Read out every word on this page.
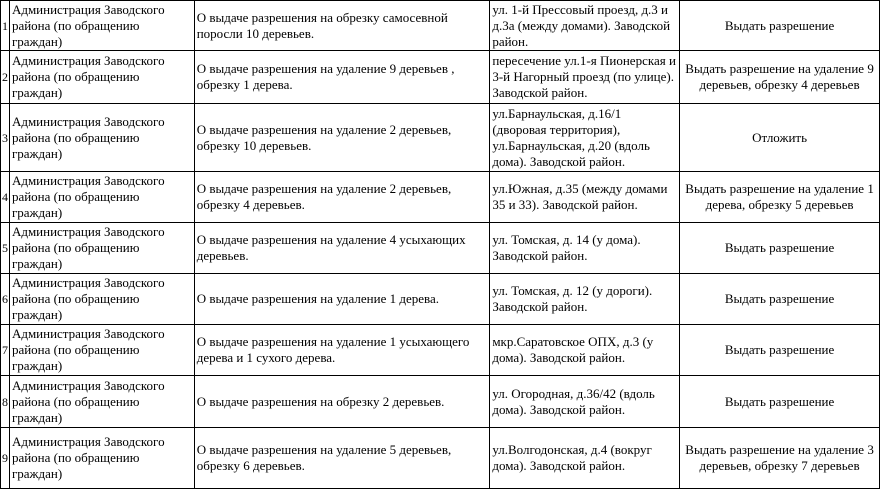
1	Администрация Заводского района (по обращению граждан)	О выдаче разрешения на обрезку самосевной поросли 10 деревьев.	ул. 1-й Прессовый проезд, д.3 и д.3а (между домами). Заводской район.	Выдать разрешение

2	Администрация Заводского района (по обращению граждан)	О выдаче разрешения на удаление 9 деревьев , обрезку 1 дерева.	пересечение ул.1-я Пионерская и 3-й Нагорный проезд (по улице). Заводской район.	Выдать разрешение на удаление 9
деревьев, обрезку 4 деревьев

3	Администрация Заводского района (по обращению граждан)	О выдаче разрешения на удаление 2 деревьев, обрезку 10 деревьев.	ул.Барнаульская, д.16/1 (дворовая территория), ул.Барнаульская, д.20 (вдоль дома). Заводской район.	Отложить

4	Администрация Заводского района (по обращению граждан)	О выдаче разрешения на удаление 2 деревьев, обрезку 4 деревьев.	ул.Южная, д.35 (между домами 35 и 33). Заводской район.	Выдать разрешение на удаление 1
дерева, обрезку 5 деревьев

5	Администрация Заводского района (по обращению граждан)	О выдаче разрешения на удаление 4 усыхающих деревьев.	ул. Томская, д. 14 (у дома). Заводской район.	Выдать разрешение

6	Администрация Заводского района (по обращению граждан)	О выдаче разрешения на удаление 1 дерева.	ул. Томская, д. 12 (у дороги). Заводской район.	Выдать разрешение

7	Администрация Заводского района (по обращению граждан)	О выдаче разрешения на удаление 1 усыхающего дерева и 1 сухого дерева.	мкр.Саратовское ОПХ, д.3 (у дома). Заводской район.	Выдать разрешение

8	Администрация Заводского района (по обращению граждан)	О выдаче разрешения на обрезку 2 деревьев.	ул. Огородная, д.36/42 (вдоль дома). Заводской район.	Выдать разрешение

9	Администрация Заводского района (по обращению граждан)	О выдаче разрешения на удаление 5 деревьев, обрезку 6 деревьев.	ул.Волгодонская, д.4 (вокруг дома). Заводской район.	Выдать разрешение на удаление 3
деревьев, обрезку 7 деревьев
